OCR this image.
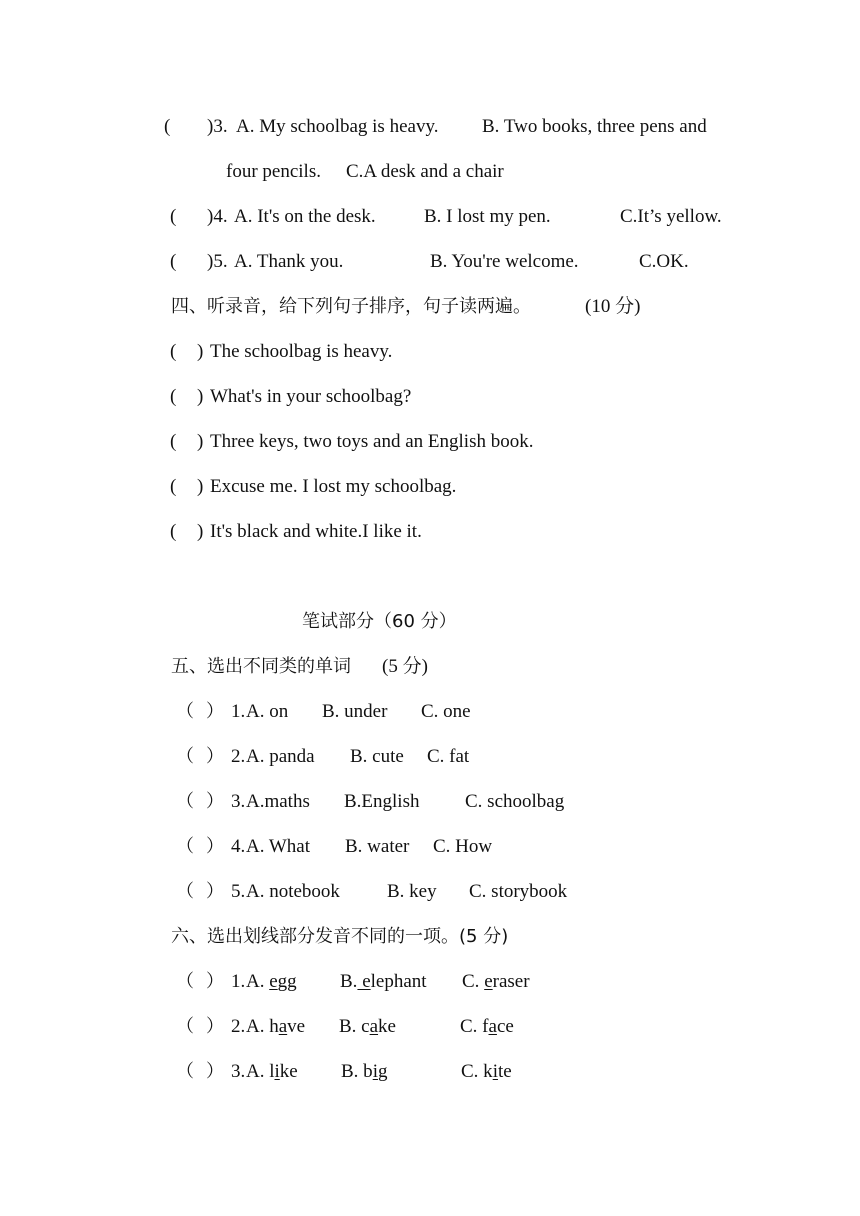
( )3. A. My schoolbag is heavy. B. Two books, three pens and
four pencils. C.A desk and a chair
( )4. A. It's on the desk.	B. I lost my pen.	C.It’s yellow.
( )5. A. Thank you.	B. You're welcome.	C.OK.
四、听录音，给下列句子排序，句子读两遍。	(10 分)
( ) The schoolbag is heavy.
( ) What's in your schoolbag?
( ) Three keys, two toys and an English book.
( ) Excuse me. I lost my schoolbag.
( ) It's black and white.I like it.
笔试部分（60 分）
五、选出不同类的单词 (5 分)
（ ） 1. A. on B. under C. one
（ ） 2. A. panda B. cute C. fat
（ ） 3. A.maths B.English C. schoolbag
（ ） 4. A. What B. water C. How
（ ） 5. A. notebook B. key C. storybook
六、选出划线部分发音不同的一项。(5 分)
（ ） 1. A. egg B. elephant C. eraser
（ ） 2. A. have B. cake	C. face
（ ） 3. A. like B. big	C. kite
